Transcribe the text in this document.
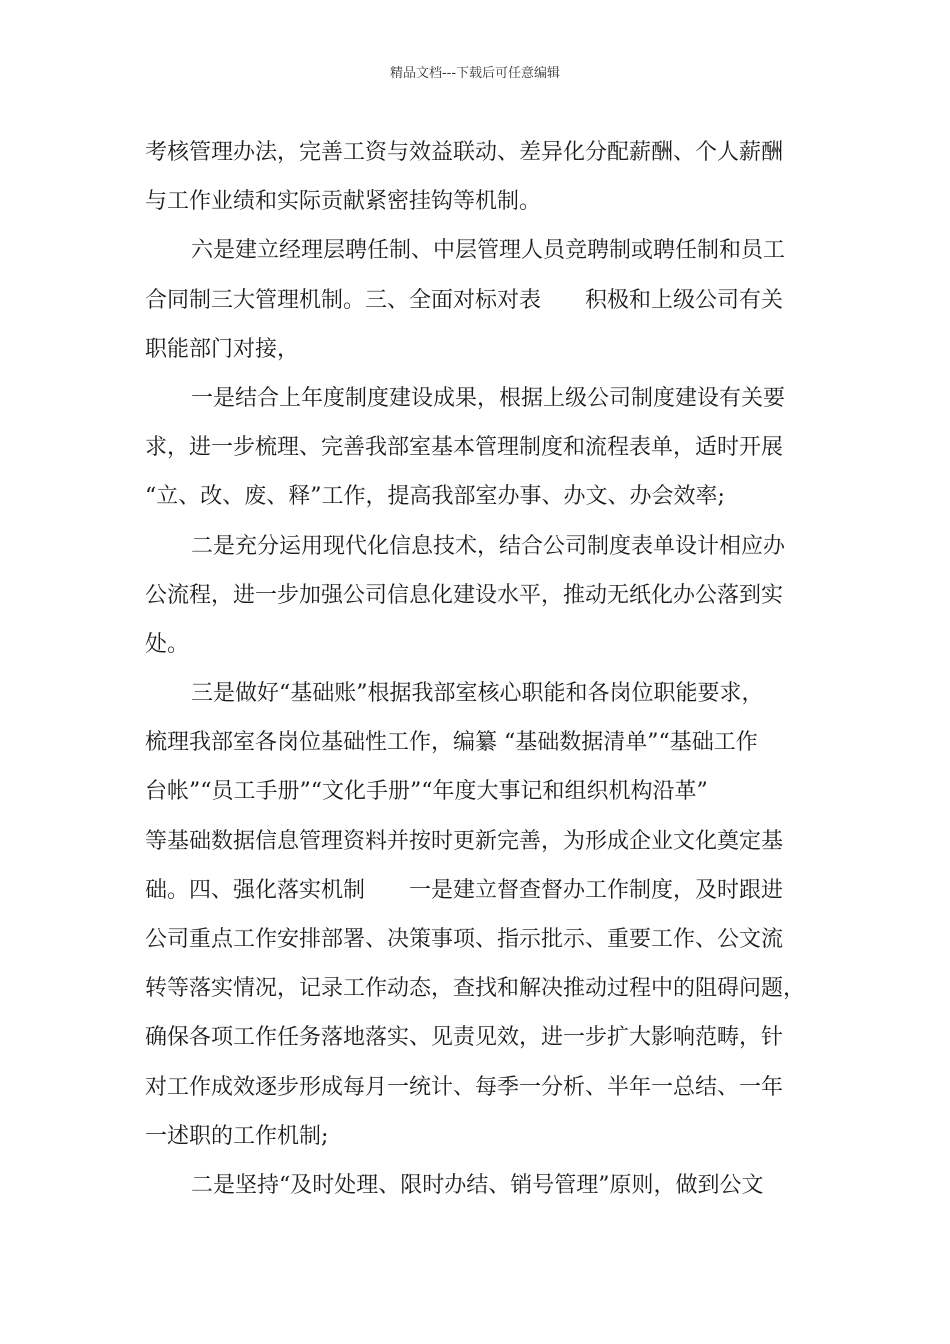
精品文档---下载后可任意编辑
考核管理办法，完善工资与效益联动、差异化分配薪酬、个人薪酬
与工作业绩和实际贡献紧密挂钩等机制。
六是建立经理层聘任制、中层管理人员竞聘制或聘任制和员工
合同制三大管理机制。三、全面对标对表　　积极和上级公司有关
职能部门对接，
一是结合上年度制度建设成果，根据上级公司制度建设有关要
求，进一步梳理、完善我部室基本管理制度和流程表单，适时开展
“立、改、废、释”工作，提高我部室办事、办文、办会效率;
二是充分运用现代化信息技术，结合公司制度表单设计相应办
公流程，进一步加强公司信息化建设水平，推动无纸化办公落到实
处。
三是做好“基础账”根据我部室核心职能和各岗位职能要求，
梳理我部室各岗位基础性工作，编纂 “基础数据清单”“基础工作
台帐”“员工手册”“文化手册”“年度大事记和组织机构沿革”
等基础数据信息管理资料并按时更新完善，为形成企业文化奠定基
础。四、强化落实机制　　一是建立督查督办工作制度，及时跟进
公司重点工作安排部署、决策事项、指示批示、重要工作、公文流
转等落实情况，记录工作动态，查找和解决推动过程中的阻碍问题，
确保各项工作任务落地落实、见责见效，进一步扩大影响范畴，针
对工作成效逐步形成每月一统计、每季一分析、半年一总结、一年
一述职的工作机制;
二是坚持“及时处理、限时办结、销号管理”原则，做到公文
